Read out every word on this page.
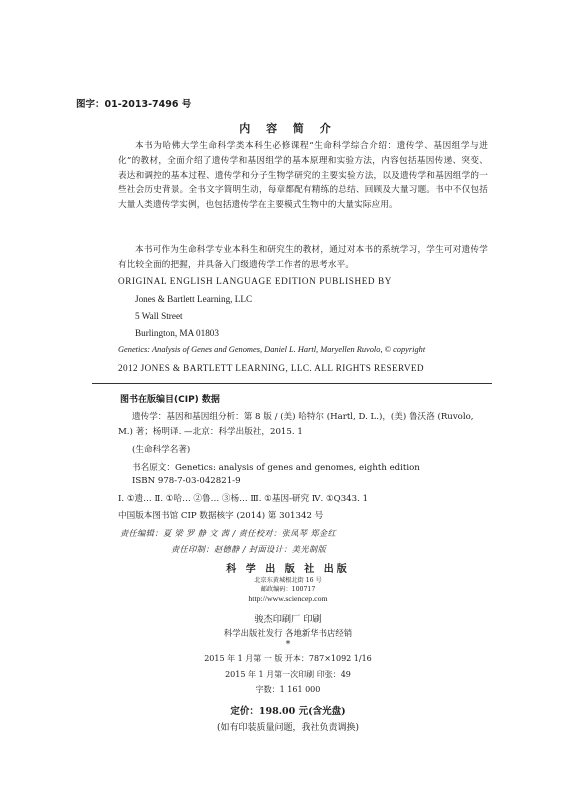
图字：01-2013-7496 号
内 容 简 介
本书为哈佛大学生命科学类本科生必修课程“生命科学综合介绍：遗传学、基因组学与进化”的教材，全面介绍了遗传学和基因组学的基本原理和实验方法，内容包括基因传递、突变、表达和调控的基本过程、遗传学和分子生物学研究的主要实验方法，以及遗传学和基因组学的一些社会历史背景。全书文字简明生动，每章都配有精练的总结、回顾及大量习题。书中不仅包括大量人类遗传学实例，也包括遗传学在主要模式生物中的大量实际应用。
本书可作为生命科学专业本科生和研究生的教材，通过对本书的系统学习，学生可对遗传学有比较全面的把握，并具备入门级遗传学工作者的思考水平。
ORIGINAL ENGLISH LANGUAGE EDITION PUBLISHED BY
Jones & Bartlett Learning, LLC
5 Wall Street
Burlington, MA 01803
Genetics: Analysis of Genes and Genomes, Daniel L. Hartl, Maryellen Ruvolo, © copyright
2012 JONES & BARTLETT LEARNING, LLC. ALL RIGHTS RESERVED
图书在版编目(CIP) 数据
遗传学：基因和基因组分析：第 8 版 / (美) 哈特尔 (Hartl, D. L.)，(美) 鲁沃洛 (Ruvolo,
M.) 著；杨明译. —北京：科学出版社，2015. 1
(生命科学名著)
书名原文：Genetics: analysis of genes and genomes, eighth edition
ISBN 978-7-03-042821-9
Ⅰ. ①遗… Ⅱ. ①哈… ②鲁… ③杨… Ⅲ. ①基因-研究 Ⅳ. ①Q343. 1
中国版本图书馆 CIP 数据核字 (2014) 第 301342 号
责任编辑：夏 梁 罗 静 文 茜 / 责任校对：张凤琴 郑金红
责任印制：赵德静 / 封面设计：美光制版
科 学 出 版 社 出版
北京东黄城根北街 16 号
邮政编码：100717
http://www.sciencep.com
骏杰印刷厂 印刷
科学出版社发行 各地新华书店经销
*
2015 年 1 月第 一 版 开本：787×1092 1/16
2015 年 1 月第一次印刷 印张：49
字数：1 161 000
定价：198.00 元(含光盘)
(如有印装质量问题，我社负责调换)
